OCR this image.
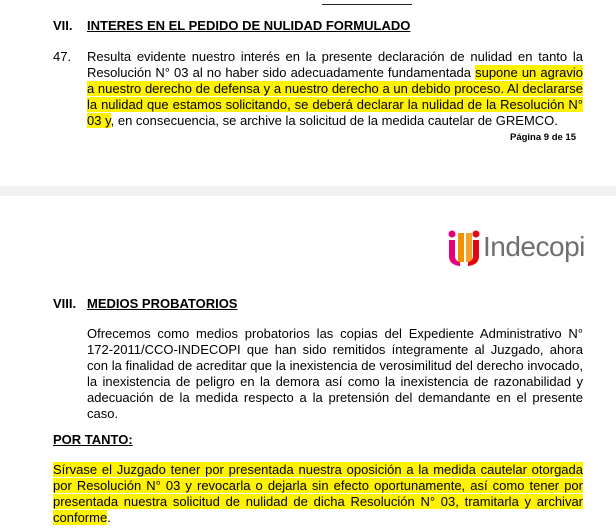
VII. INTERES EN EL PEDIDO DE NULIDAD FORMULADO
47. Resulta evidente nuestro interés en la presente declaración de nulidad en tanto la Resolución N° 03 al no haber sido adecuadamente fundamentada supone un agravio a nuestro derecho de defensa y a nuestro derecho a un debido proceso. Al declararse la nulidad que estamos solicitando, se deberá declarar la nulidad de la Resolución N° 03 y, en consecuencia, se archive la solicitud de la medida cautelar de GREMCO.

Página 9 de 15
Indecopi
VIII. MEDIOS PROBATORIOS

Ofrecemos como medios probatorios las copias del Expediente Administrativo N° 172-2011/CCO-INDECOPI que han sido remitidos íntegramente al Juzgado, ahora con la finalidad de acreditar que la inexistencia de verosimilitud del derecho invocado, la inexistencia de peligro en la demora así como la inexistencia de razonabilidad y adecuación de la medida respecto a la pretensión del demandante en el presente caso.

POR TANTO:

Sírvase el Juzgado tener por presentada nuestra oposición a la medida cautelar otorgada por Resolución N° 03 y revocarla o dejarla sin efecto oportunamente, así como tener por presentada nuestra solicitud de nulidad de dicha Resolución N° 03, tramitarla y archivar conforme.
